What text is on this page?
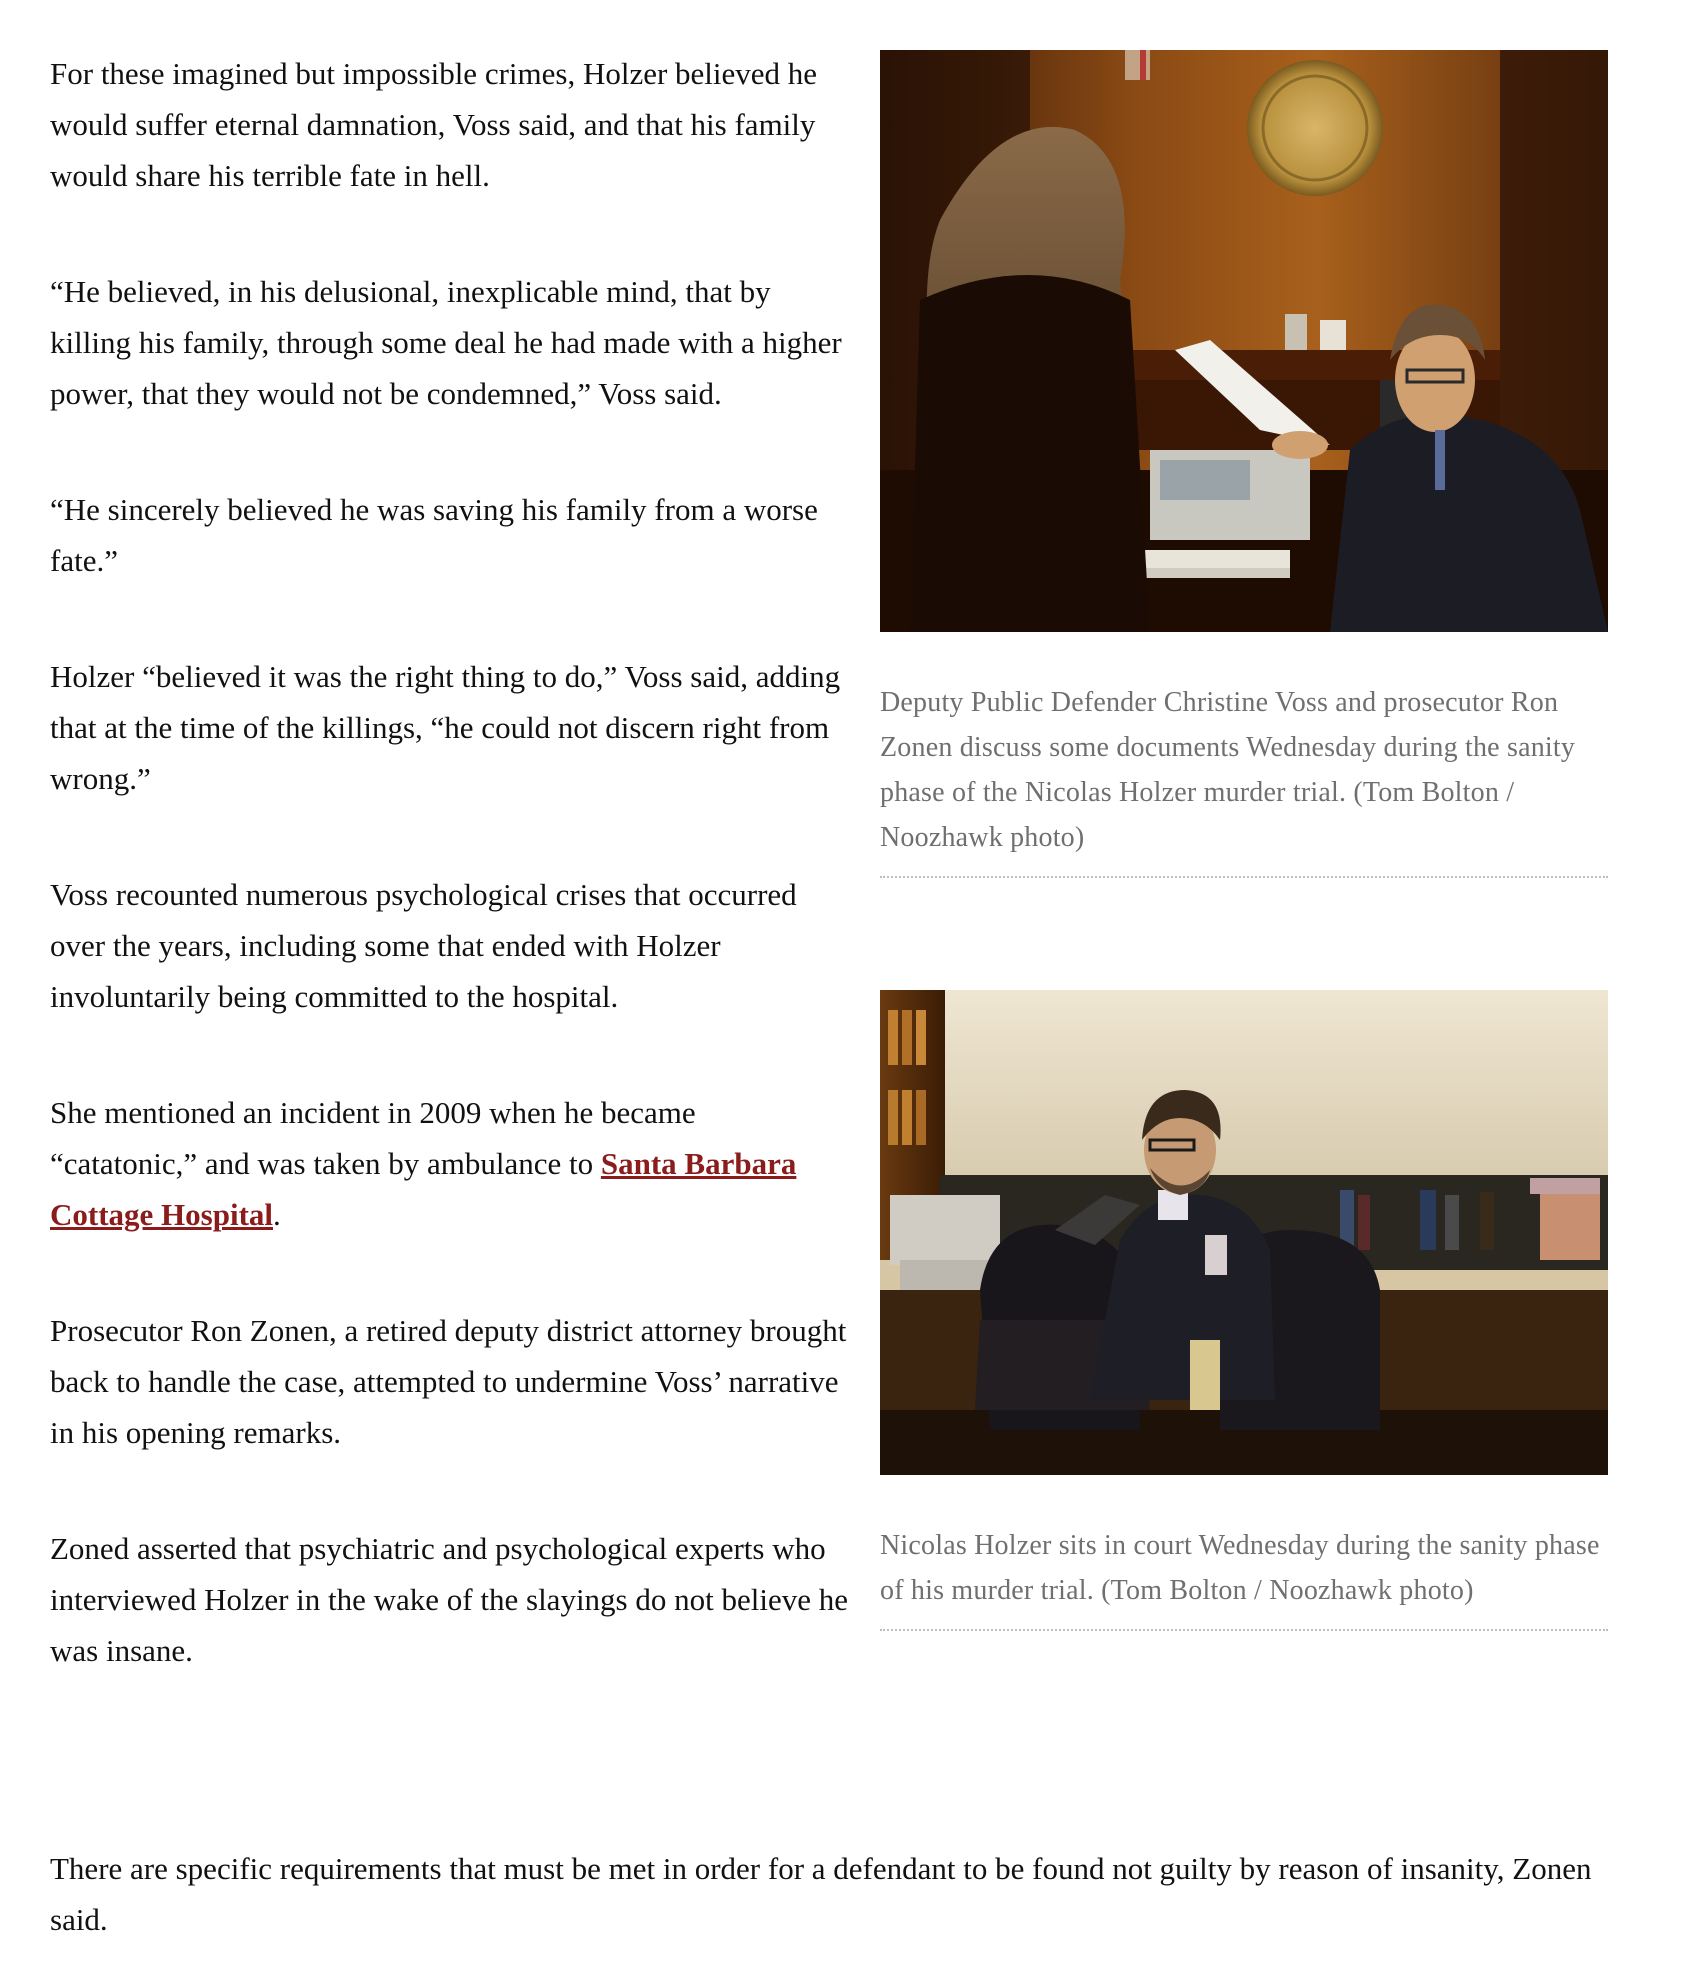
For these imagined but impossible crimes, Holzer believed he would suffer eternal damnation, Voss said, and that his family would share his terrible fate in hell.

“He believed, in his delusional, inexplicable mind, that by killing his family, through some deal he had made with a higher power, that they would not be condemned,” Voss said.

“He sincerely believed he was saving his family from a worse fate.”

Holzer “believed it was the right thing to do,” Voss said, adding that at the time of the killings, “he could not discern right from wrong.”

Voss recounted numerous psychological crises that occurred over the years, including some that ended with Holzer involuntarily being committed to the hospital.

She mentioned an incident in 2009 when he became “catatonic,” and was taken by ambulance to Santa Barbara Cottage Hospital.

Prosecutor Ron Zonen, a retired deputy district attorney brought back to handle the case, attempted to undermine Voss’ narrative in his opening remarks.

Zoned asserted that psychiatric and psychological experts who interviewed Holzer in the wake of the slayings do not believe he was insane.

There are specific requirements that must be met in order for a defendant to be found not guilty by reason of insanity, Zonen said.

Deputy Public Defender Christine Voss and prosecutor Ron Zonen discuss some documents Wednesday during the sanity phase of the Nicolas Holzer murder trial. (Tom Bolton / Noozhawk photo)
Nicolas Holzer sits in court Wednesday during the sanity phase of his murder trial. (Tom Bolton / Noozhawk photo)
